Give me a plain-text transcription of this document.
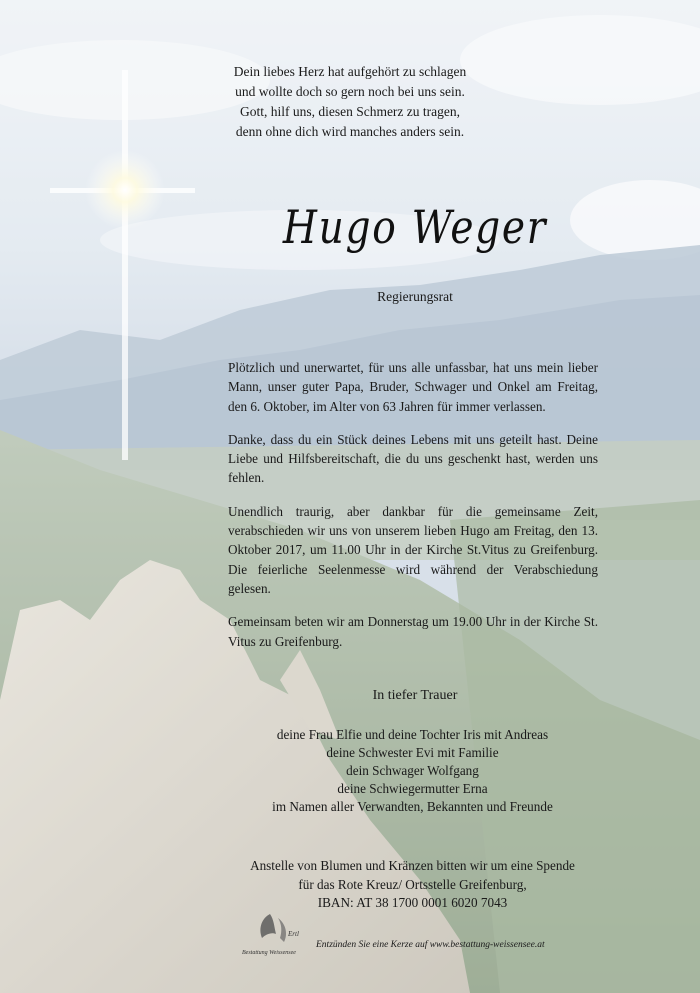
Dein liebes Herz hat aufgehört zu schlagen
und wollte doch so gern noch bei uns sein.
Gott, hilf uns, diesen Schmerz zu tragen,
denn ohne dich wird manches anders sein.
Hugo Weger
Regierungsrat

Plötzlich und unerwartet, für uns alle unfassbar, hat uns mein lieber Mann, unser guter Papa, Bruder, Schwager und Onkel am Freitag, den 6. Oktober, im Alter von 63 Jahren für immer verlassen.

Danke, dass du ein Stück deines Lebens mit uns geteilt hast. Deine Liebe und Hilfsbereitschaft, die du uns geschenkt hast, werden uns fehlen.

Unendlich traurig, aber dankbar für die gemeinsame Zeit, verabschieden wir uns von unserem lieben Hugo am Freitag, den 13. Oktober 2017, um 11.00 Uhr in der Kirche St.Vitus zu Greifenburg. Die feierliche Seelenmesse wird während der Verabschiedung gelesen.

Gemeinsam beten wir am Donnerstag um 19.00 Uhr in der Kirche St. Vitus zu Greifenburg.

In tiefer Trauer
deine Frau Elfie und deine Tochter Iris mit Andreas
deine Schwester Evi mit Familie
dein Schwager Wolfgang
deine Schwiegermutter Erna
im Namen aller Verwandten, Bekannten und Freunde
Anstelle von Blumen und Kränzen bitten wir um eine Spende
für das Rote Kreuz/ Ortsstelle Greifenburg,
IBAN: AT 38 1700 0001 6020 7043
Ertl
Bestattung Weissensee
Entzünden Sie eine Kerze auf www.bestattung-weissensee.at
